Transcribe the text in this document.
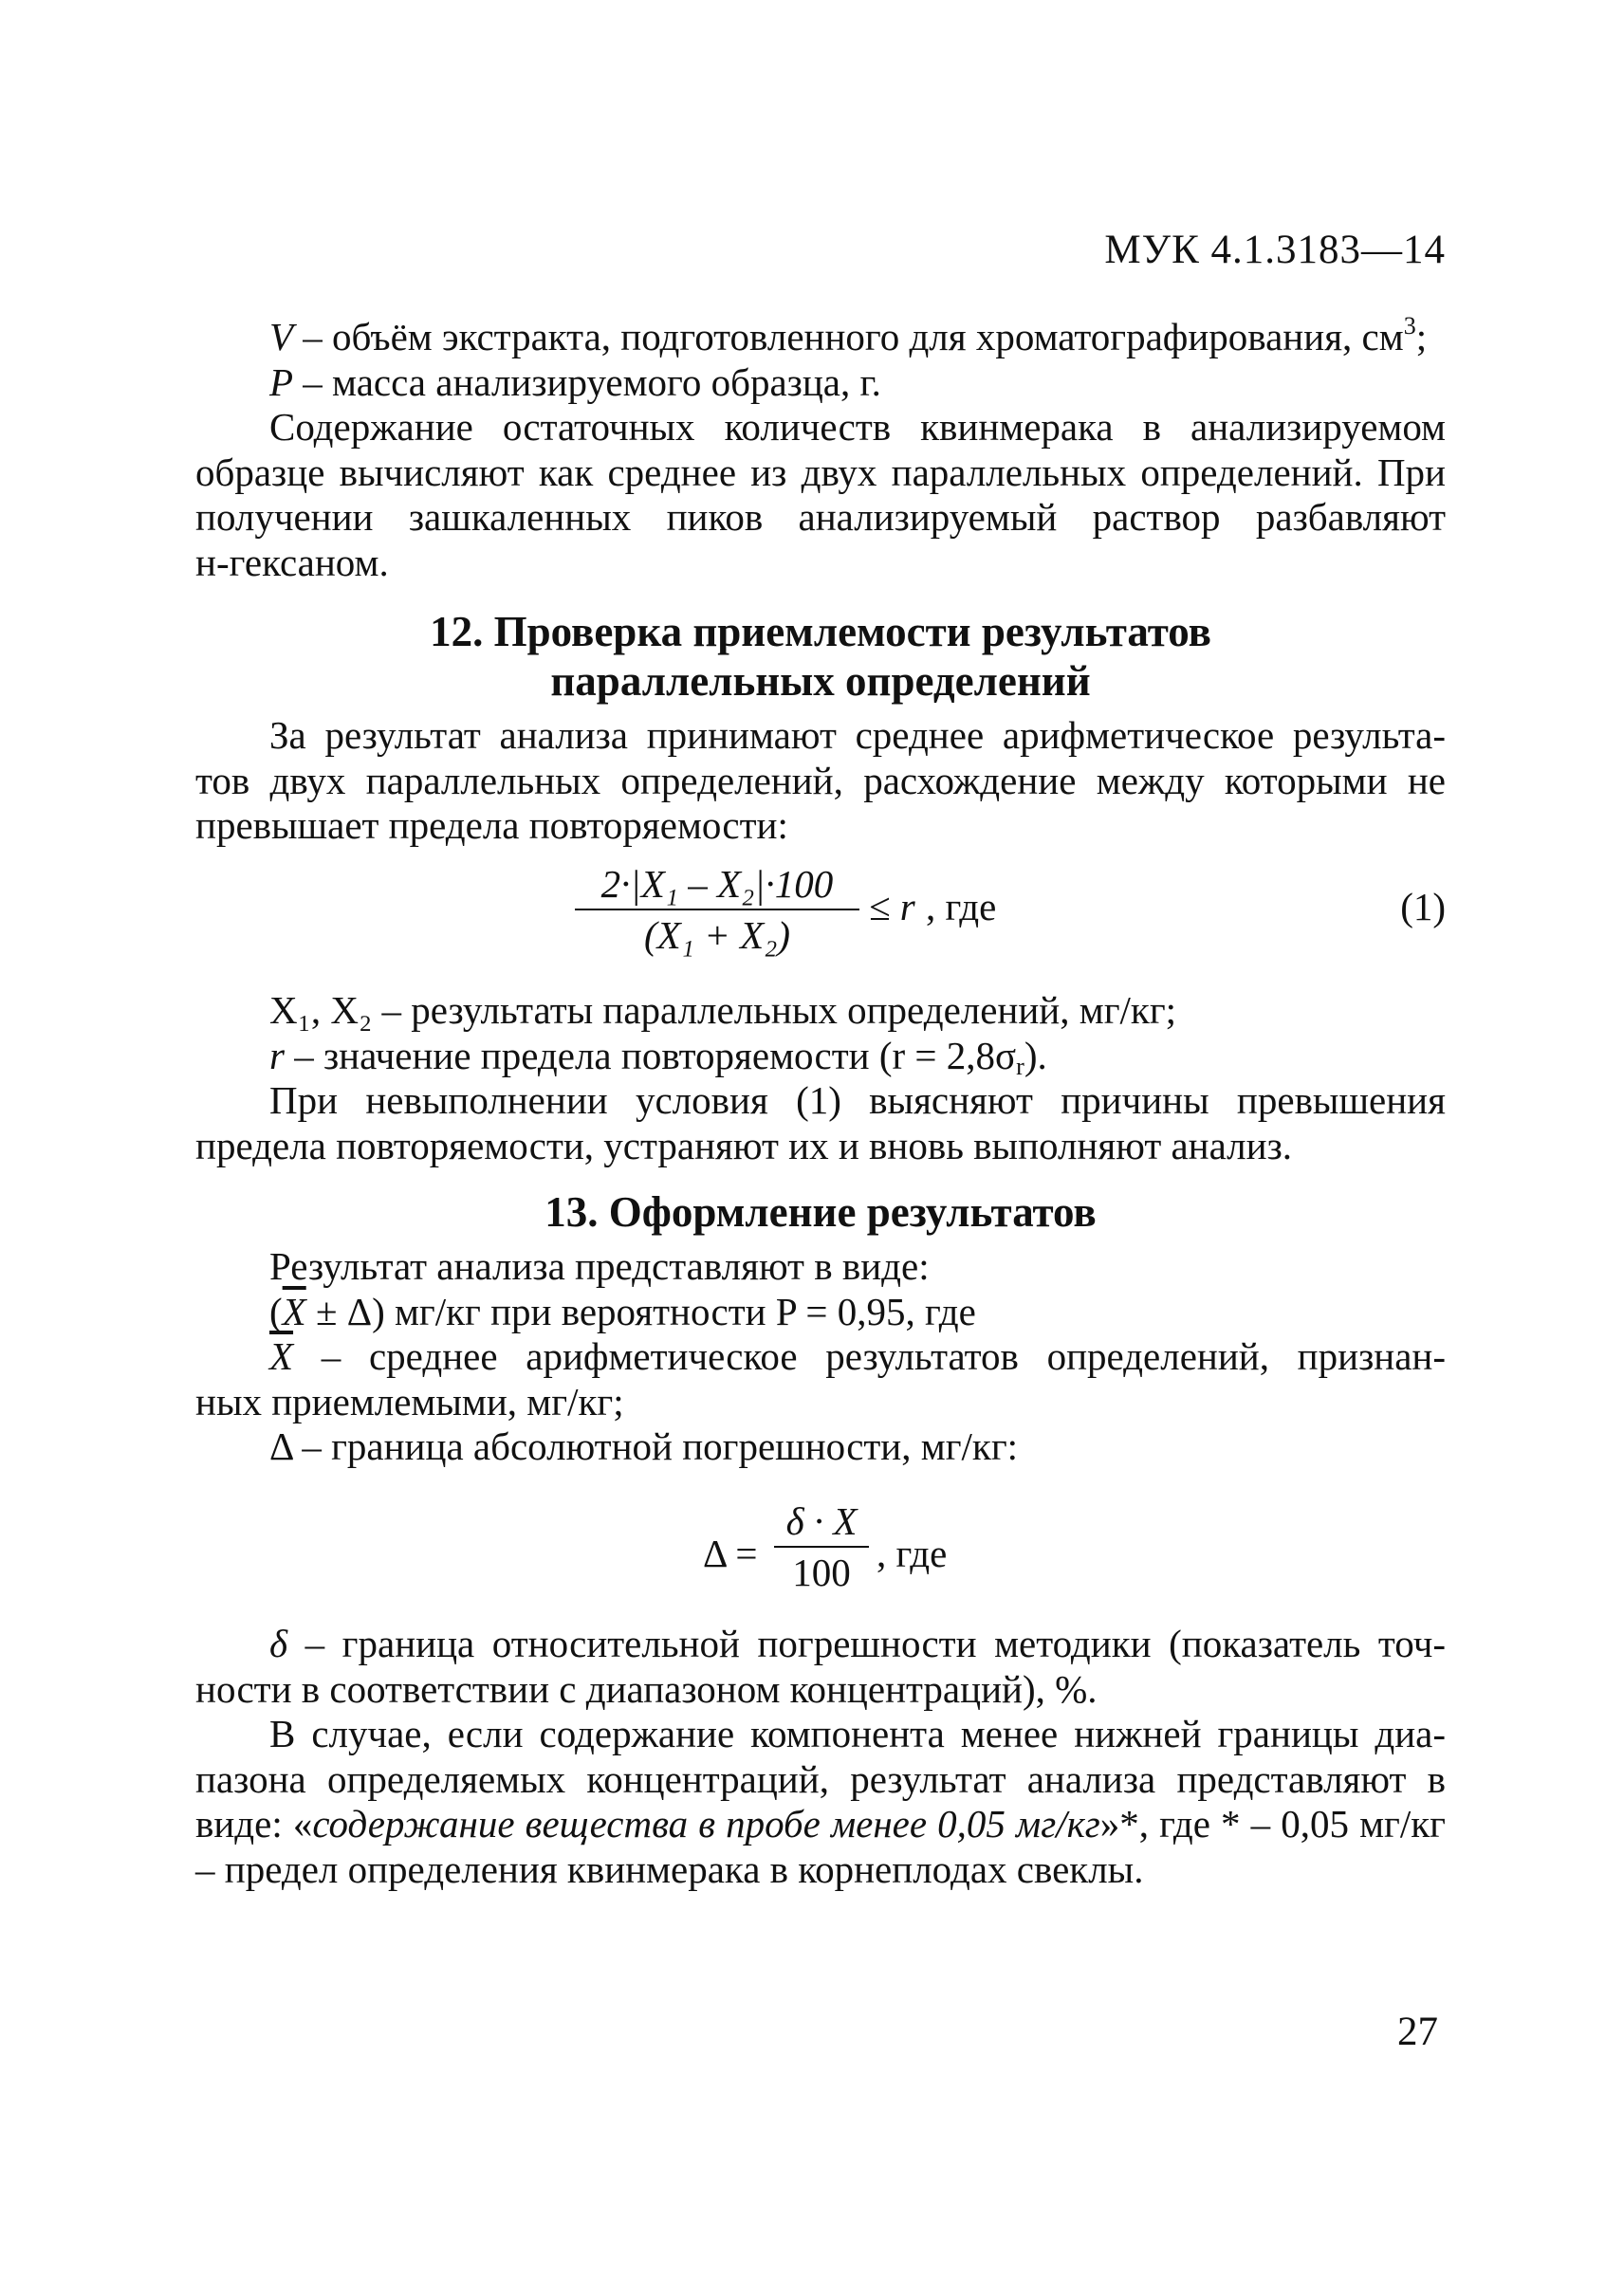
МУК 4.1.3183—14
V – объём экстракта, подготовленного для хроматографирования, $см^3$;
P – масса анализируемого образца, г.
Содержание остаточных количеств квинмерака в анализируемом
образце вычисляют как среднее из двух параллельных определений. При
получении зашкаленных пиков анализируемый раствор разбавляют
н-гексаном.
12. Проверка приемлемости результатов
параллельных определений
За результат анализа принимают среднее арифметическое результа-
тов двух параллельных определений, расхождение между которыми не
превышает предела повторяемости:
2·|X₁ – X₂|·100
(X₁ + X₂)
≤ r , где	(1)
X₁, X₂ – результаты параллельных определений, мг/кг;
r – значение предела повторяемости $(r = 2,8\sigma_r)$.
При невыполнении условия (1) выясняют причины превышения
предела повторяемости, устраняют их и вновь выполняют анализ.
13. Оформление результатов
Результат анализа представляют в виде:
$(\overline{X} \pm \Delta)$ мг/кг при вероятности P = 0,95, где
$\overline{X}$ – среднее арифметическое результатов определений, признан-
ных приемлемыми, мг/кг;
Δ – граница абсолютной погрешности, мг/кг:
Δ =
δ · X
100 , где
δ – граница относительной погрешности методики (показатель точ-
ности в соответствии с диапазоном концентраций), %.
В случае, если содержание компонента менее нижней границы диа-
пазона определяемых концентраций, результат анализа представляют в
виде: «содержание вещества в пробе менее 0,05 мг/кг»*, где * – 0,05 мг/кг
– предел определения квинмерака в корнеплодах свеклы.
27
